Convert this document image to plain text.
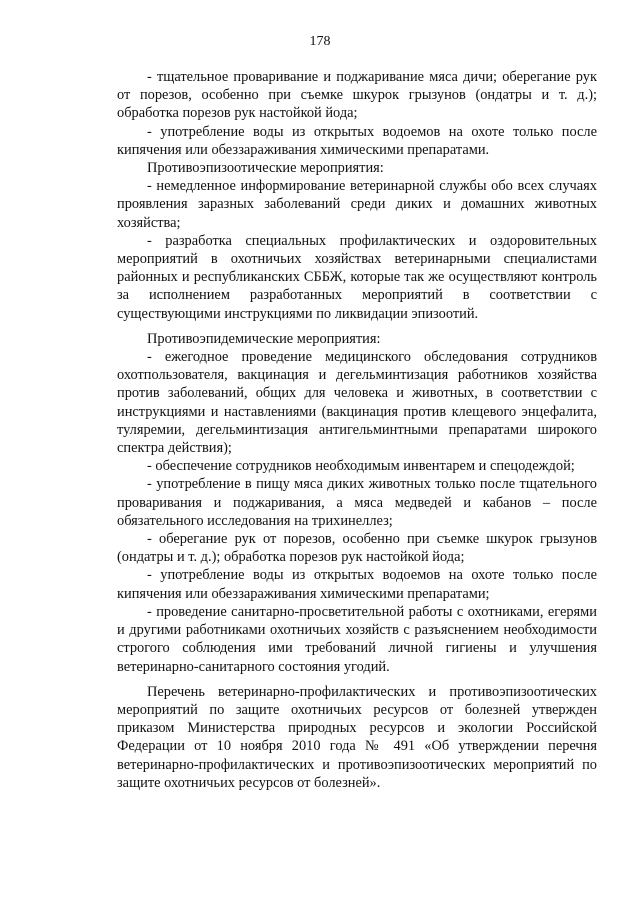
178

- тщательное проваривание и поджаривание мяса дичи; оберегание рук от порезов, особенно при съемке шкурок грызунов (ондатры и т. д.); обработка порезов рук настойкой йода;

- употребление воды из открытых водоемов на охоте только после кипячения или обеззараживания химическими препаратами.

Противоэпизоотические мероприятия:

- немедленное информирование ветеринарной службы обо всех случаях проявления заразных заболеваний среди диких и домашних животных хозяйства;

- разработка специальных профилактических и оздоровительных мероприятий в охотничьих хозяйствах ветеринарными специалистами районных и республиканских СББЖ, которые так же осуществляют контроль за исполнением разработанных мероприятий в соответствии с существующими инструкциями по ликвидации эпизоотий.

Противоэпидемические мероприятия:

- ежегодное проведение медицинского обследования сотрудников охотпользователя, вакцинация и дегельминтизация работников хозяйства против заболеваний, общих для человека и животных, в соответствии с инструкциями и наставлениями (вакцинация против клещевого энцефалита, туляремии, дегельминтизация антигельминтными препаратами широкого спектра действия);

- обеспечение сотрудников необходимым инвентарем и спецодеждой;

- употребление в пищу мяса диких животных только после тщательного проваривания и поджаривания, а мяса медведей и кабанов – после обязательного исследования на трихинеллез;

- оберегание рук от порезов, особенно при съемке шкурок грызунов (ондатры и т. д.); обработка порезов рук настойкой йода;

- употребление воды из открытых водоемов на охоте только после кипячения или обеззараживания химическими препаратами;

- проведение санитарно-просветительной работы с охотниками, егерями и другими работниками охотничьих хозяйств с разъяснением необходимости строгого соблюдения ими требований личной гигиены и улучшения ветеринарно-санитарного состояния угодий.

Перечень ветеринарно-профилактических и противоэпизоотических мероприятий по защите охотничьих ресурсов от болезней утвержден приказом Министерства природных ресурсов и экологии Российской Федерации от 10 ноября 2010 года № 491 «Об утверждении перечня ветеринарно-профилактических и противоэпизоотических мероприятий по защите охотничьих ресурсов от болезней».
